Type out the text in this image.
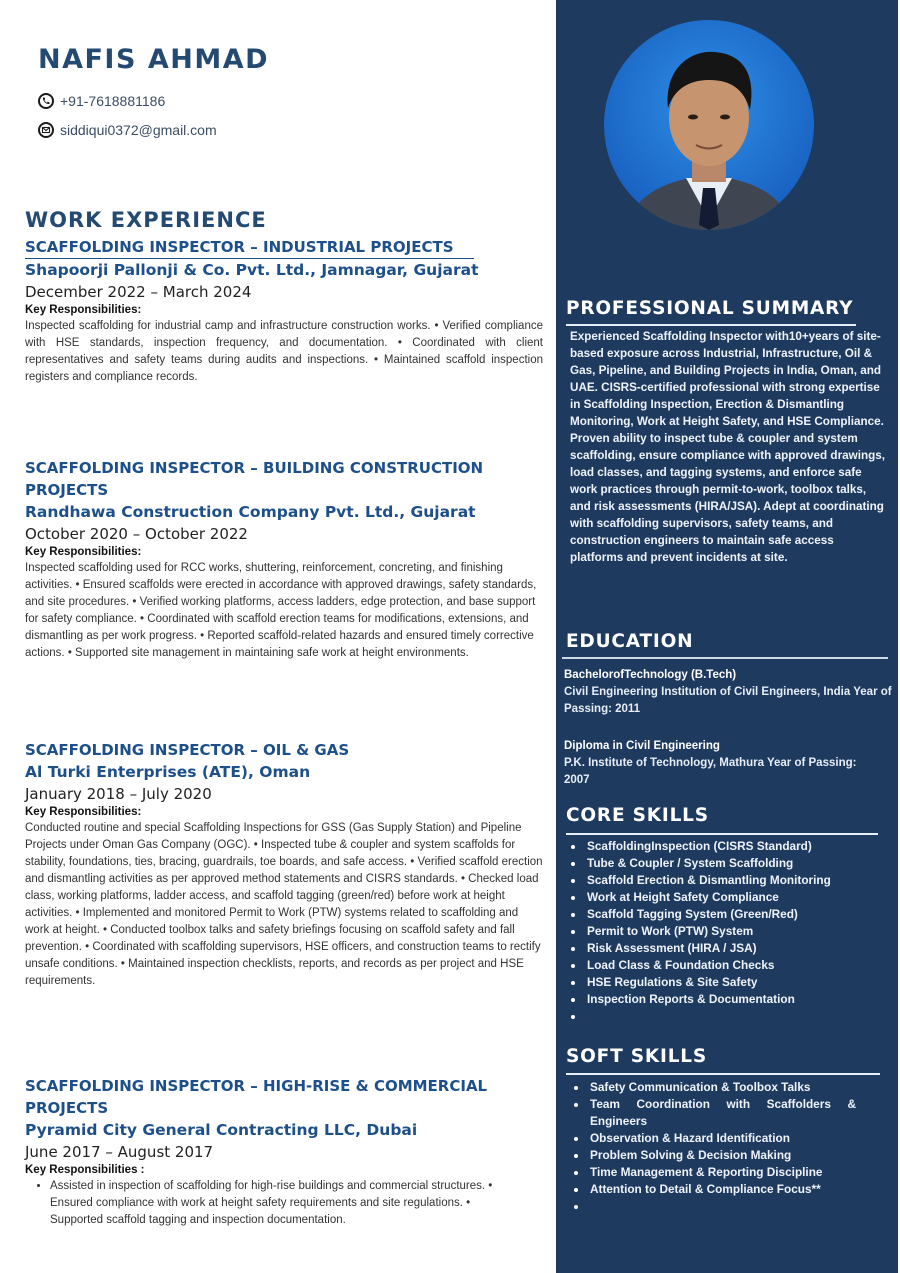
NAFIS AHMAD
+91-7618881186
siddiqui0372@gmail.com
WORK EXPERIENCE
SCAFFOLDING INSPECTOR – INDUSTRIAL PROJECTS
Shapoorji Pallonji & Co. Pvt. Ltd., Jamnagar, Gujarat
December 2022 – March 2024
Key Responsibilities:
Inspected scaffolding for industrial camp and infrastructure construction works. • Verified compliance with HSE standards, inspection frequency, and documentation. • Coordinated with client representatives and safety teams during audits and inspections. • Maintained scaffold inspection registers and compliance records.
SCAFFOLDING INSPECTOR – BUILDING CONSTRUCTION PROJECTS
Randhawa Construction Company Pvt. Ltd., Gujarat
October 2020 – October 2022
Key Responsibilities:
Inspected scaffolding used for RCC works, shuttering, reinforcement, concreting, and finishing activities. • Ensured scaffolds were erected in accordance with approved drawings, safety standards, and site procedures. • Verified working platforms, access ladders, edge protection, and base support for safety compliance. • Coordinated with scaffold erection teams for modifications, extensions, and dismantling as per work progress. • Reported scaffold-related hazards and ensured timely corrective actions. • Supported site management in maintaining safe work at height environments.
SCAFFOLDING INSPECTOR – OIL & GAS
Al Turki Enterprises (ATE), Oman
January 2018 – July 2020
Key Responsibilities:
Conducted routine and special Scaffolding Inspections for GSS (Gas Supply Station) and Pipeline Projects under Oman Gas Company (OGC). • Inspected tube & coupler and system scaffolds for stability, foundations, ties, bracing, guardrails, toe boards, and safe access. • Verified scaffold erection and dismantling activities as per approved method statements and CISRS standards. • Checked load class, working platforms, ladder access, and scaffold tagging (green/red) before work at height activities. • Implemented and monitored Permit to Work (PTW) systems related to scaffolding and work at height. • Conducted toolbox talks and safety briefings focusing on scaffold safety and fall prevention. • Coordinated with scaffolding supervisors, HSE officers, and construction teams to rectify unsafe conditions. • Maintained inspection checklists, reports, and records as per project and HSE requirements.
SCAFFOLDING INSPECTOR – HIGH-RISE & COMMERCIAL PROJECTS
Pyramid City General Contracting LLC, Dubai
June 2017 – August 2017
Key Responsibilities :
Assisted in inspection of scaffolding for high-rise buildings and commercial structures. • Ensured compliance with work at height safety requirements and site regulations. • Supported scaffold tagging and inspection documentation.
PROFESSIONAL SUMMARY
Experienced Scaffolding Inspector with10+years of site-based exposure across Industrial, Infrastructure, Oil & Gas, Pipeline, and Building Projects in India, Oman, and UAE. CISRS-certified professional with strong expertise in Scaffolding Inspection, Erection & Dismantling Monitoring, Work at Height Safety, and HSE Compliance. Proven ability to inspect tube & coupler and system scaffolding, ensure compliance with approved drawings, load classes, and tagging systems, and enforce safe work practices through permit-to-work, toolbox talks, and risk assessments (HIRA/JSA). Adept at coordinating with scaffolding supervisors, safety teams, and construction engineers to maintain safe access platforms and prevent incidents at site.
EDUCATION
BachelorofTechnology (B.Tech)
Civil Engineering Institution of Civil Engineers, India Year of Passing: 2011
Diploma in Civil Engineering
P.K. Institute of Technology, Mathura Year of Passing: 2007
CORE SKILLS
ScaffoldingInspection (CISRS Standard)
Tube & Coupler / System Scaffolding
Scaffold Erection & Dismantling Monitoring
Work at Height Safety Compliance
Scaffold Tagging System (Green/Red)
Permit to Work (PTW) System
Risk Assessment (HIRA / JSA)
Load Class & Foundation Checks
HSE Regulations & Site Safety
Inspection Reports & Documentation

SOFT SKILLS
Safety Communication & Toolbox Talks
Team Coordination with Scaffolders & Engineers
Observation & Hazard Identification
Problem Solving & Decision Making
Time Management & Reporting Discipline
Attention to Detail & Compliance Focus**
